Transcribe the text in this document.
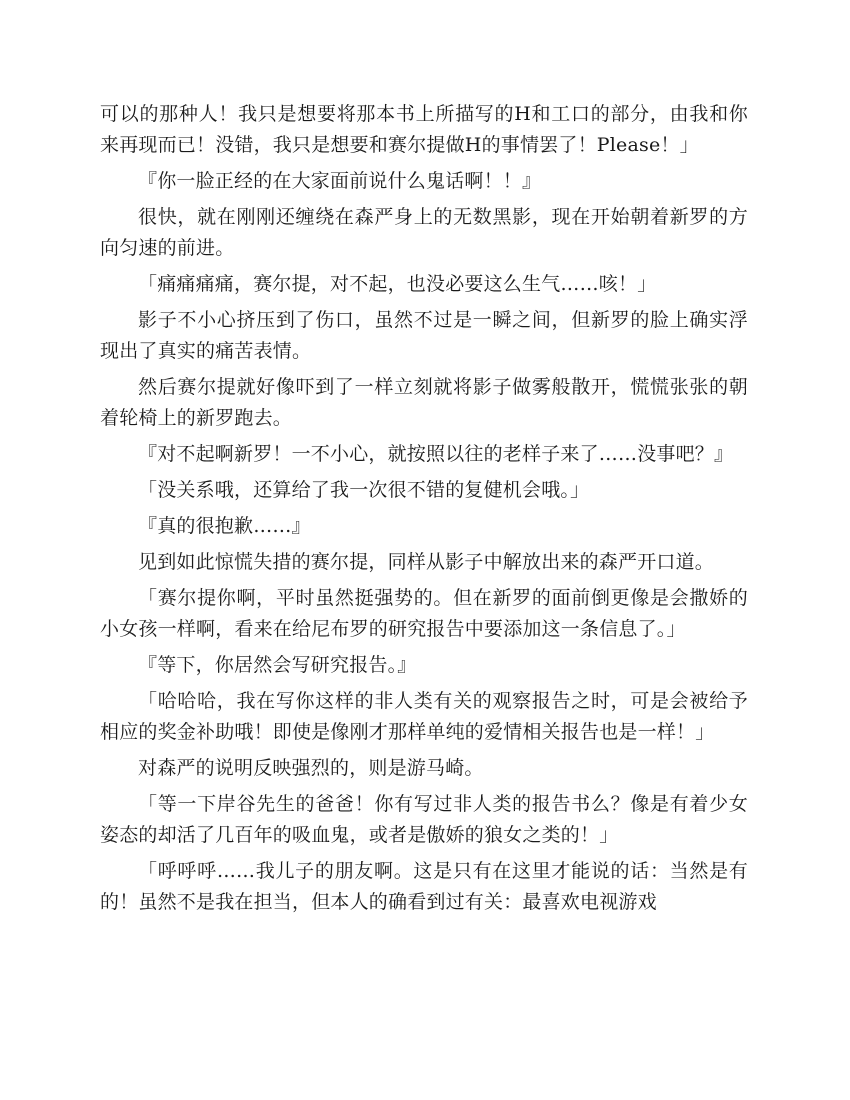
可以的那种人！我只是想要将那本书上所描写的H和工口的部分，由我和你来再现而已！没错，我只是想要和赛尔提做H的事情罢了！Please！」

『你一脸正经的在大家面前说什么鬼话啊！！』

很快，就在刚刚还缠绕在森严身上的无数黑影，现在开始朝着新罗的方向匀速的前进。

「痛痛痛痛，赛尔提，对不起，也没必要这么生气……咳！」

影子不小心挤压到了伤口，虽然不过是一瞬之间，但新罗的脸上确实浮现出了真实的痛苦表情。

然后赛尔提就好像吓到了一样立刻就将影子做雾般散开，慌慌张张的朝着轮椅上的新罗跑去。

『对不起啊新罗！一不小心，就按照以往的老样子来了……没事吧？』

「没关系哦，还算给了我一次很不错的复健机会哦。」

『真的很抱歉……』

见到如此惊慌失措的赛尔提，同样从影子中解放出来的森严开口道。

「赛尔提你啊，平时虽然挺强势的。但在新罗的面前倒更像是会撒娇的小女孩一样啊，看来在给尼布罗的研究报告中要添加这一条信息了。」

『等下，你居然会写研究报告。』

「哈哈哈，我在写你这样的非人类有关的观察报告之时，可是会被给予相应的奖金补助哦！即使是像刚才那样单纯的爱情相关报告也是一样！」

对森严的说明反映强烈的，则是游马崎。

「等一下岸谷先生的爸爸！你有写过非人类的报告书么？像是有着少女姿态的却活了几百年的吸血鬼，或者是傲娇的狼女之类的！」

「呼呼呼……我儿子的朋友啊。这是只有在这里才能说的话：当然是有的！虽然不是我在担当，但本人的确看到过有关：最喜欢电视游戏
